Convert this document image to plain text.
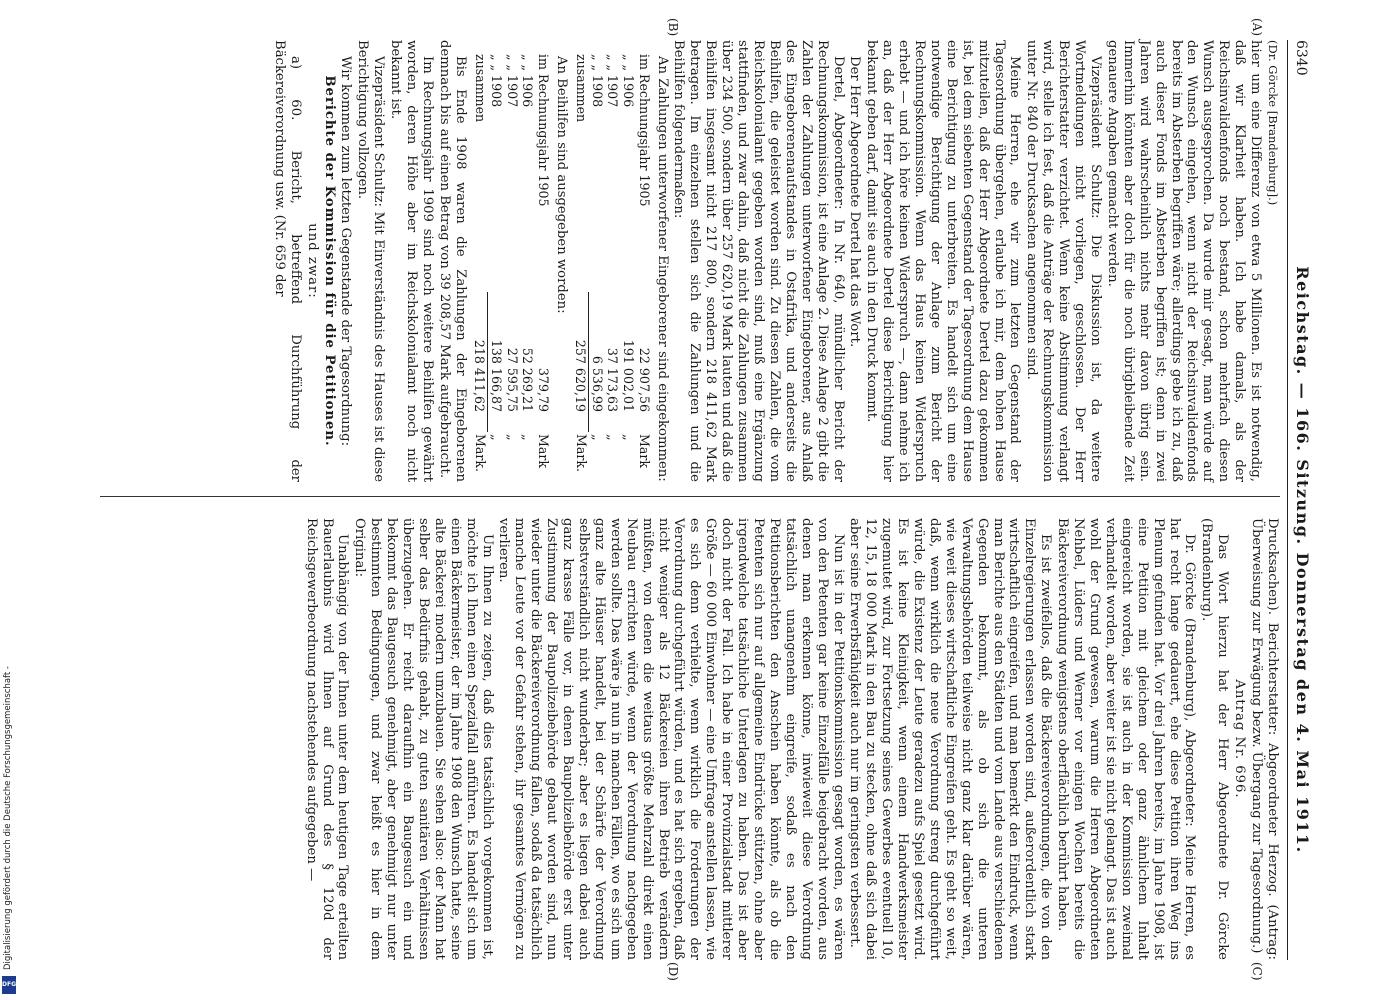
Digitalisierung gefördert durch die Deutsche Forschungsgemeinschaft -
DFG
6340
Reichstag. — 166. Sitzung. Donnerstag den 4. Mai 1911.
(A)
(B)
(C)
(D)

(Dr. Görcke [Brandenburg].)

hier um eine Differenz von etwa 5 Millionen. Es ist notwendig, daß wir Klarheit haben. Ich habe damals, als der Reichsinvalidenfonds noch bestand, schon mehrfach diesen Wunsch ausgesprochen. Da wurde mir gesagt, man würde auf den Wunsch eingehen, wenn nicht der Reichsinvalidenfonds bereits im Absterben begriffen wäre; allerdings gebe ich zu, daß auch dieser Fonds im Absterben begriffen ist; denn in zwei Jahren wird wahrscheinlich nichts mehr davon übrig sein. Immerhin könnten aber doch für die noch übrigbleibende Zeit genauere Angaben gemacht werden.

Vizepräsident Schultz: Die Diskussion ist, da weitere Wortmeldungen nicht vorliegen, geschlossen. Der Herr Berichterstatter verzichtet. Wenn keine Abstimmung verlangt wird, stelle ich fest, daß die Anträge der Rechnungskommission unter Nr. 840 der Drucksachen angenommen sind.

Meine Herren, ehe wir zum letzten Gegenstand der Tagesordnung übergehen, erlaube ich mir, dem hohen Hause mitzuteilen, daß der Herr Abgeordnete Dertel dazu gekommen ist, bei dem siebenten Gegenstand der Tagesordnung dem Hause eine Berichtigung zu unterbreiten. Es handelt sich um eine notwendige Berichtigung der Anlage zum Bericht der Rechnungskommission. Wenn das Haus keinen Widerspruch erhebt — und ich höre keinen Widerspruch —, dann nehme ich an, daß der Herr Abgeordnete Dertel diese Berichtigung hier bekannt geben darf, damit sie auch in den Druck kommt.

Der Herr Abgeordnete Dertel hat das Wort.

Dertel, Abgeordneter: In Nr. 640, mündlicher Bericht der Rechnungskommission, ist eine Anlage 2. Diese Anlage 2 gibt die Zahlen der Zahlungen unterworfener Eingeborener, aus Anlaß des Eingeborenenaufstandes in Ostafrika, und anderseits die Beihilfen, die geleistet worden sind. Zu diesen Zahlen, die vom Reichskolonialamt gegeben worden sind, muß eine Ergänzung stattfinden, und zwar dahin, daß nicht die Zahlungen zusammen über 234 500, sondern über 257 620,19 Mark lauten und daß die Beihilfen insgesamt nicht 217 800, sondern 218 411,62 Mark betragen. Im einzelnen stellen sich die Zahlungen und die Beihilfen folgendermaßen:

An Zahlungen unterworfener Eingeborener sind eingekommen:

im Rechnungsjahr 1905	22 907,56	Mark
„ „ 1906	191 002,01	„
„ „ 1907	37 173,63	„
„ „ 1908	6 536,99	„
zusammen	257 620,19	Mark.

An Beihilfen sind ausgegeben worden:

im Rechnungsjahr 1905	379,79	Mark
„ „ 1906	52 269,21	„
„ „ 1907	27 595,75	„
„ „ 1908	138 166,87	„
zusammen	218 411,62	Mark.

Bis Ende 1908 waren die Zahlungen der Eingeborenen demnach bis auf einen Betrag von 39 208,57 Mark aufgebraucht.

Im Rechnungsjahr 1909 sind noch weitere Beihilfen gewährt worden, deren Höhe aber im Reichskolonialamt noch nicht bekannt ist.

Vizepräsident Schultz: Mit Einverständnis des Hauses ist diese Berichtigung vollzogen.

Wir kommen zum letzten Gegenstande der Tagesordnung:

Berichte der Kommission für die Petitionen.

und zwar:

a) 60. Bericht, betreffend Durchführung der Bäckereiverordnung usw. (Nr. 659 der

Drucksachen). Berichterstatter: Abgeordneter Herzog. (Antrag: Überweisung zur Erwägung bezw. Übergang zur Tagesordnung.)

Antrag Nr. 696.

Das Wort hierzu hat der Herr Abgeordnete Dr. Görcke (Brandenburg).

Dr. Görcke (Brandenburg), Abgeordneter: Meine Herren, es hat recht lange gedauert, ehe diese Petition ihren Weg ins Plenum gefunden hat. Vor drei Jahren bereits, im Jahre 1908, ist eine Petition mit gleichem oder ganz ähnlichem Inhalt eingereicht worden, sie ist auch in der Kommission zweimal verhandelt worden, aber weiter ist sie nicht gelangt. Das ist auch wohl der Grund gewesen, warum die Herren Abgeordneten Nehbel, Lüders und Werner vor einigen Wochen bereits die Bäckereiverordnung wenigstens oberflächlich berührt haben.

Es ist zweifellos, daß die Bäckereiverordnungen, die von den Einzelregierungen erlassen worden sind, außerordentlich stark wirtschaftlich eingreifen, und man bemerkt den Eindruck, wenn man Berichte aus den Städten und vom Lande aus verschiedenen Gegenden bekommt, als ob sich die unteren Verwaltungsbehörden teilweise nicht ganz klar darüber wären, wie weit dieses wirtschaftliche Eingreifen geht. Es geht so weit, daß, wenn wirklich die neue Verordnung streng durchgeführt würde, die Existenz der Leute geradezu aufs Spiel gesetzt wird. Es ist keine Kleinigkeit, wenn einem Handwerksmeister zugemutet wird, zur Fortsetzung seines Gewerbes eventuell 10, 12, 15, 18 000 Mark in den Bau zu stecken, ohne daß sich dabei aber seine Erwerbsfähigkeit auch nur im geringsten verbessert.

Nun ist in der Petitionskommission gesagt worden, es wären von den Petenten gar keine Einzelfälle beigebracht worden, aus denen man erkennen könne, inwieweit diese Verordnung tatsächlich unangenehm eingreife, sodaß es nach den Petitionsberichten den Anschein haben könnte, als ob die Petenten sich nur auf allgemeine Eindrücke stützten, ohne aber irgendwelche tatsächliche Unterlagen zu haben. Das ist aber doch nicht der Fall. Ich habe in einer Provinzialstadt mittlerer Größe — 60 000 Einwohner — eine Umfrage anstellen lassen, wie es sich denn verhielte, wenn wirklich die Forderungen der Verordnung durchgeführt würden, und es hat sich ergeben, daß nicht weniger als 12 Bäckereien ihren Betrieb verändern müßten, von denen die weitaus größte Mehrzahl direkt einen Neubau errichten würde, wenn der Verordnung nachgegeben werden sollte. Das wäre ja nun in manchen Fällen, wo es sich um ganz alte Häuser handelt, bei der Schärfe der Verordnung selbstverständlich nicht wunderbar; aber es liegen dabei auch ganz krasse Fälle vor, in denen Baupolizeibehörde erst unter Zustimmung der Baupolizeibehörde gebaut worden sind, nun wieder unter die Bäckereiverordnung fallen, sodaß da tatsächlich manche Leute vor der Gefahr stehen, ihr gesamtes Vermögen zu verlieren.

Um Ihnen zu zeigen, daß dies tatsächlich vorgekommen ist, möchte ich Ihnen einen Spezialfall anführen. Es handelt sich um einen Bäckermeister, der im Jahre 1908 den Wunsch hatte, seine alte Bäckerei modern umzubauen. Sie sehen also: der Mann hat selber das Bedürfnis gehabt, zu guten sanitären Verhältnissen überzugehen. Er reicht daraufhin ein Baugesuch ein und bekommt das Baugesuch genehmigt, aber genehmigt nur unter bestimmten Bedingungen, und zwar heißt es hier in dem Original:

Unabhängig von der Ihnen unter dem heutigen Tage erteilten Bauerlaubnis wird Ihnen auf Grund des § 120d der Reichsgewerbeordnung nachstehendes aufgegeben —
